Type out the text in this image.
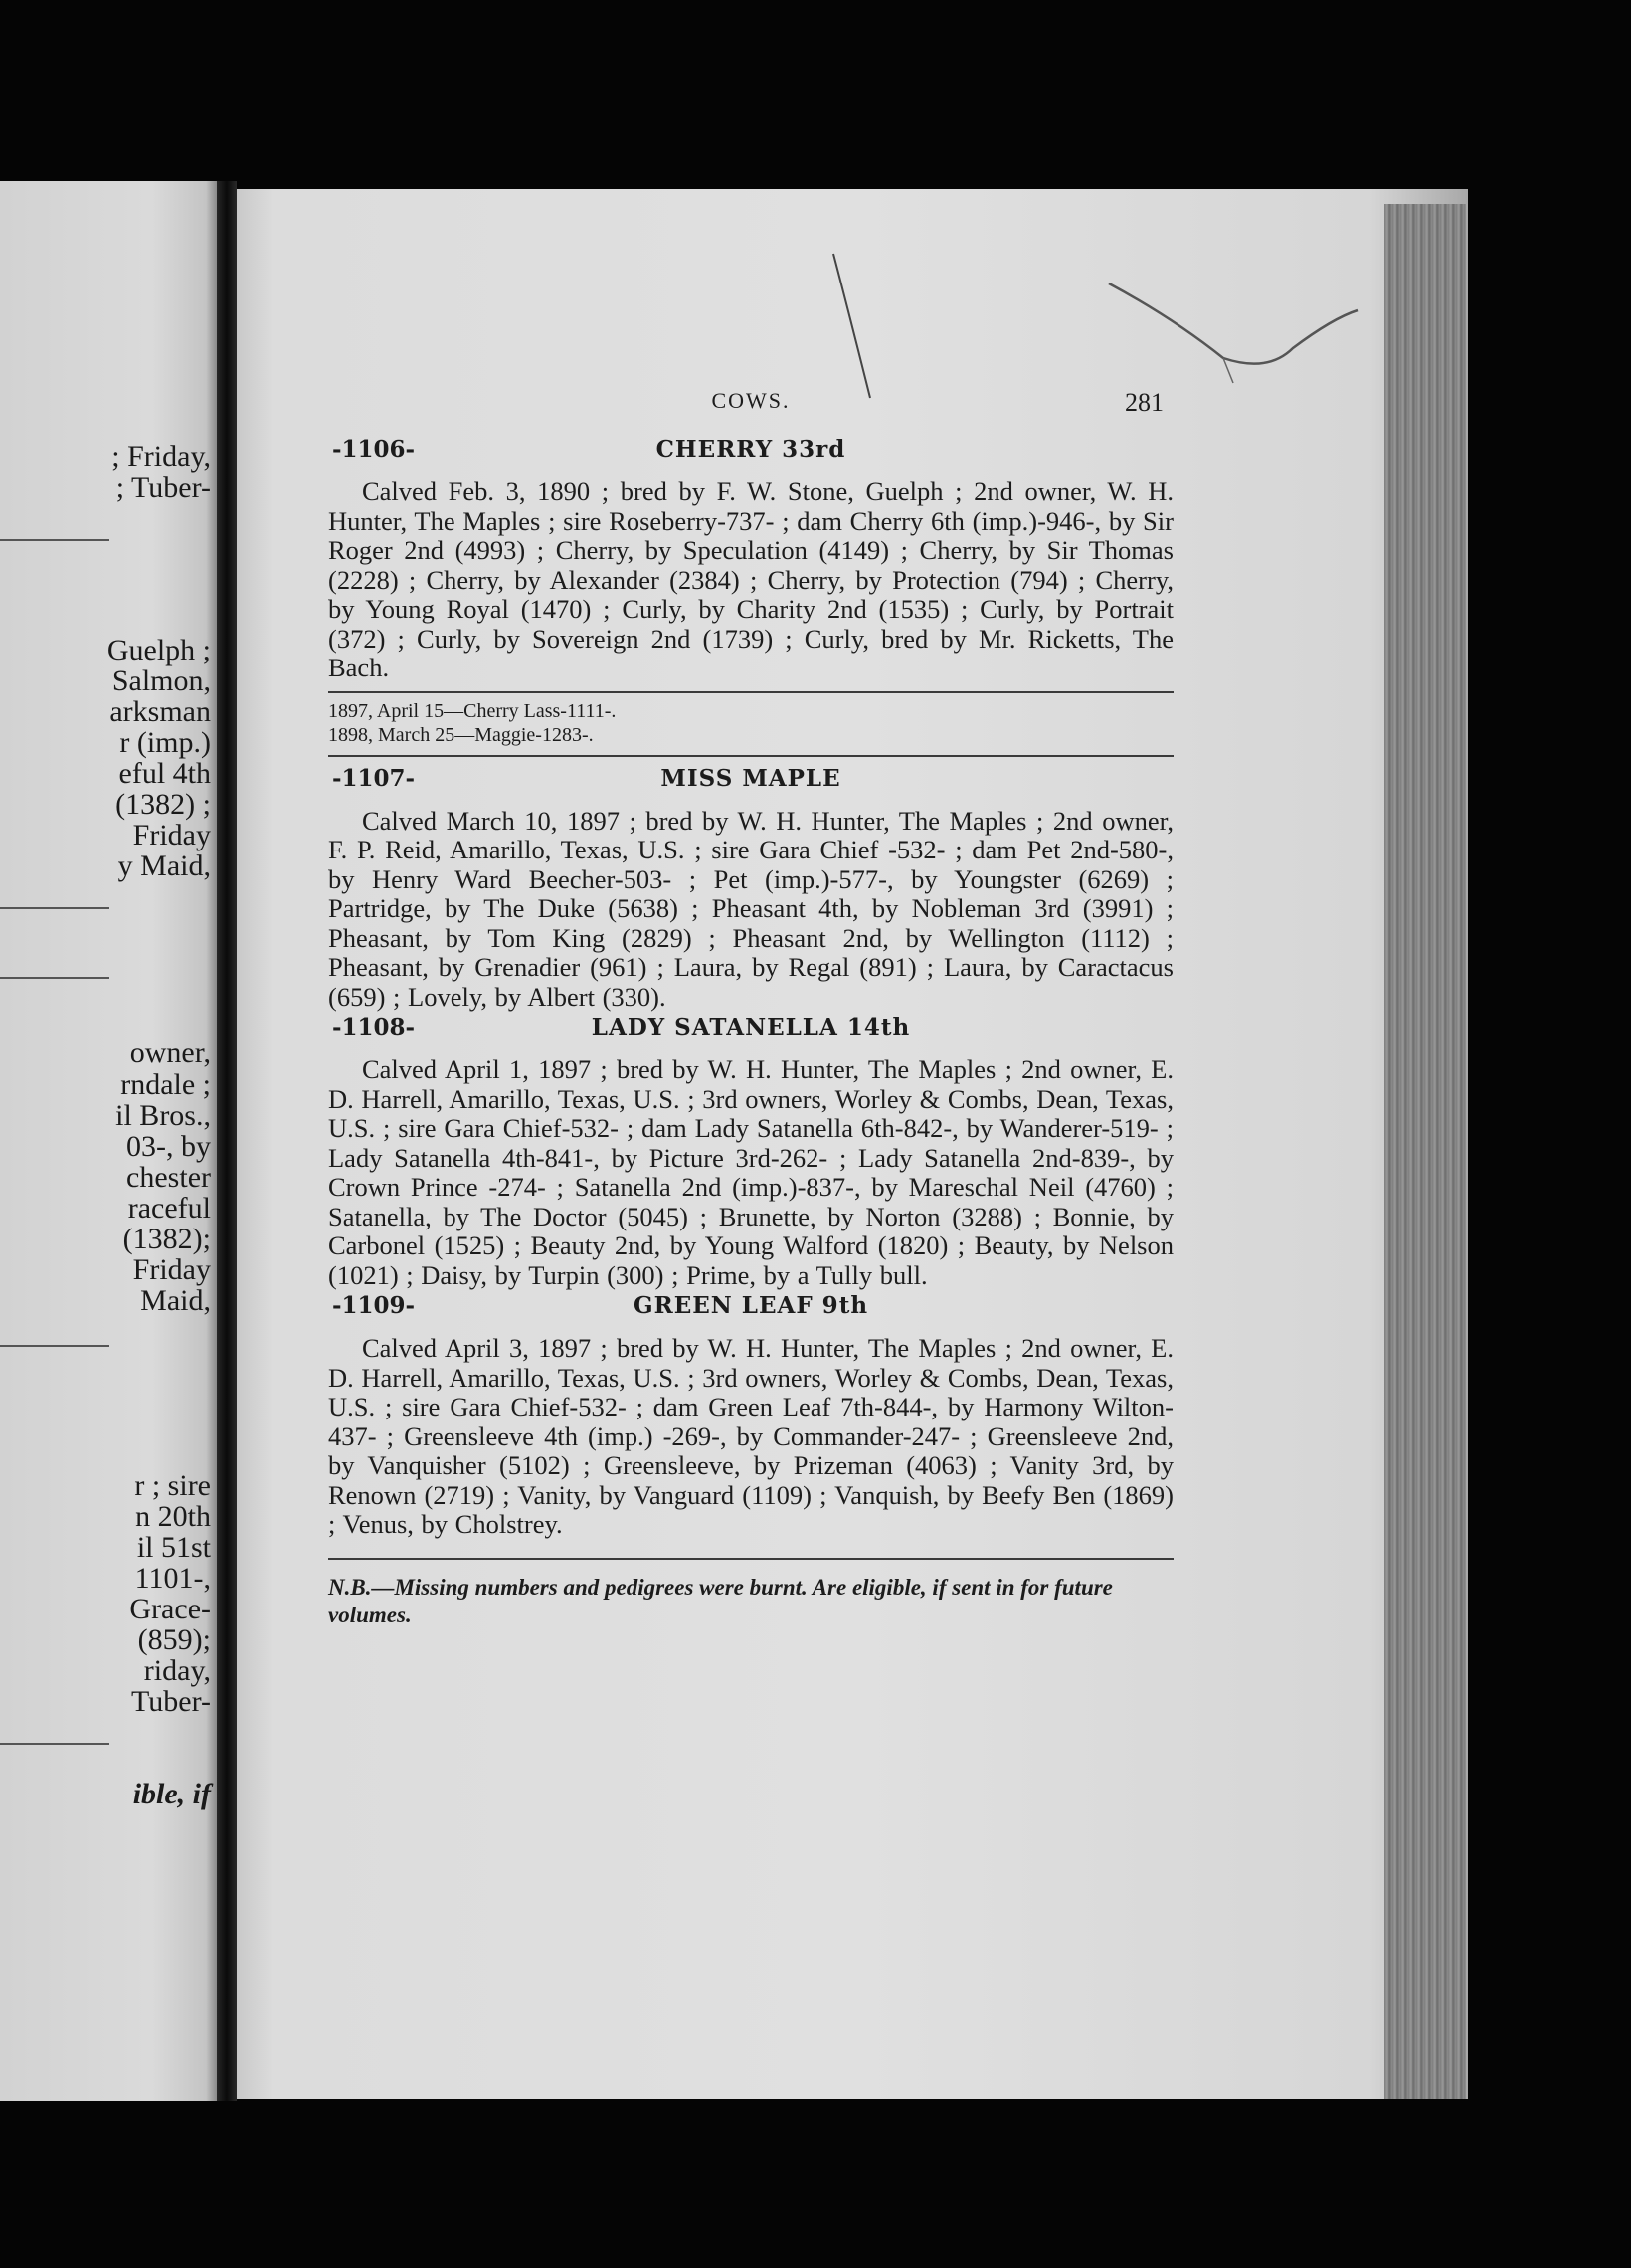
; Friday,
; Tuber-
Guelph ;
Salmon,
arksman
r (imp.)
eful 4th
(1382) ;
Friday
y Maid,
owner,
rndale ;
il Bros.,
03-, by
chester
raceful
(1382);
Friday
Maid,
r ; sire
n 20th
il 51st
1101-,
Grace-
(859);
riday,
Tuber-
ible, if
COWS.	281
-1106-	CHERRY 33rd

Calved Feb. 3, 1890 ; bred by F. W. Stone, Guelph ; 2nd owner, W. H. Hunter, The Maples ; sire Roseberry-737- ; dam Cherry 6th (imp.)-946-, by Sir Roger 2nd (4993) ; Cherry, by Speculation (4149) ; Cherry, by Sir Thomas (2228) ; Cherry, by Alexander (2384) ; Cherry, by Protection (794) ; Cherry, by Young Royal (1470) ; Curly, by Charity 2nd (1535) ; Curly, by Portrait (372) ; Curly, by Sovereign 2nd (1739) ; Curly, bred by Mr. Ricketts, The Bach.

1897, April 15—Cherry Lass-1111-.
1898, March 25—Maggie-1283-.
-1107-	MISS MAPLE

Calved March 10, 1897 ; bred by W. H. Hunter, The Maples ; 2nd owner, F. P. Reid, Amarillo, Texas, U.S. ; sire Gara Chief -532- ; dam Pet 2nd-580-, by Henry Ward Beecher-503- ; Pet (imp.)-577-, by Youngster (6269) ; Partridge, by The Duke (5638) ; Pheasant 4th, by Nobleman 3rd (3991) ; Pheasant, by Tom King (2829) ; Pheasant 2nd, by Wellington (1112) ; Pheasant, by Grenadier (961) ; Laura, by Regal (891) ; Laura, by Caractacus (659) ; Lovely, by Albert (330).

-1108-	LADY SATANELLA 14th

Calved April 1, 1897 ; bred by W. H. Hunter, The Maples ; 2nd owner, E. D. Harrell, Amarillo, Texas, U.S. ; 3rd owners, Worley & Combs, Dean, Texas, U.S. ; sire Gara Chief-532- ; dam Lady Satanella 6th-842-, by Wanderer-519- ; Lady Satanella 4th-841-, by Picture 3rd-262- ; Lady Satanella 2nd-839-, by Crown Prince -274- ; Satanella 2nd (imp.)-837-, by Mareschal Neil (4760) ; Satanella, by The Doctor (5045) ; Brunette, by Norton (3288) ; Bonnie, by Carbonel (1525) ; Beauty 2nd, by Young Walford (1820) ; Beauty, by Nelson (1021) ; Daisy, by Turpin (300) ; Prime, by a Tully bull.

-1109-	GREEN LEAF 9th

Calved April 3, 1897 ; bred by W. H. Hunter, The Maples ; 2nd owner, E. D. Harrell, Amarillo, Texas, U.S. ; 3rd owners, Worley & Combs, Dean, Texas, U.S. ; sire Gara Chief-532- ; dam Green Leaf 7th-844-, by Harmony Wilton-437- ; Greensleeve 4th (imp.) -269-, by Commander-247- ; Greensleeve 2nd, by Vanquisher (5102) ; Greensleeve, by Prizeman (4063) ; Vanity 3rd, by Renown (2719) ; Vanity, by Vanguard (1109) ; Vanquish, by Beefy Ben (1869) ; Venus, by Cholstrey.

N.B.—Missing numbers and pedigrees were burnt. Are eligible, if sent in for future volumes.
